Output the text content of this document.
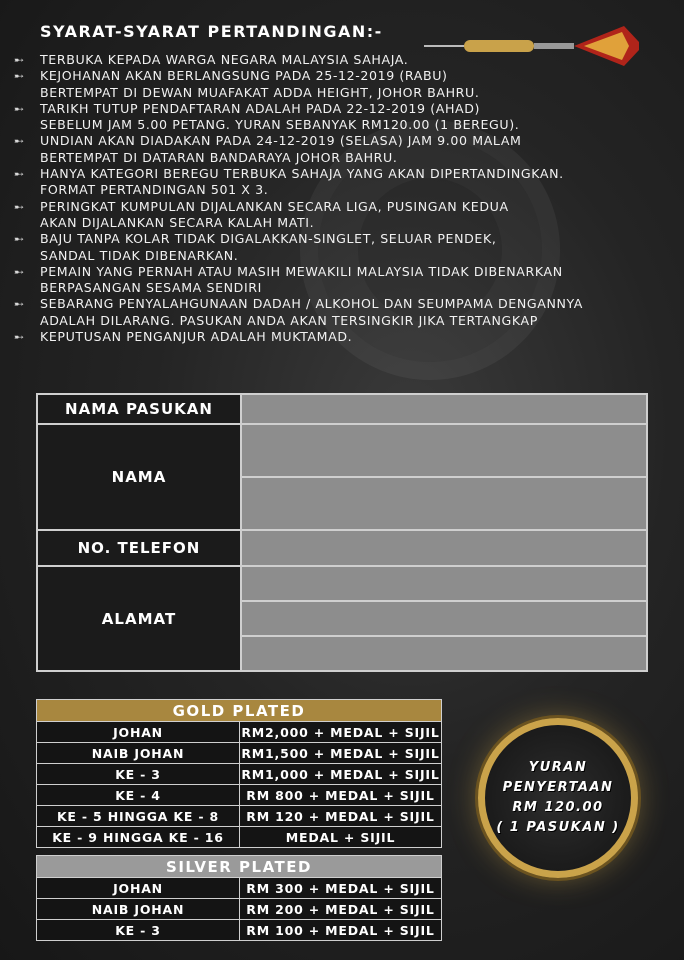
SYARAT-SYARAT PERTANDINGAN:-
➸	TERBUKA KEPADA WARGA NEGARA MALAYSIA SAHAJA.
➸	KEJOHANAN AKAN BERLANGSUNG PADA 25-12-2019 (RABU)
BERTEMPAT DI DEWAN MUAFAKAT ADDA HEIGHT, JOHOR BAHRU.
➸	TARIKH TUTUP PENDAFTARAN ADALAH PADA 22-12-2019 (AHAD)
SEBELUM JAM 5.00 PETANG. YURAN SEBANYAK RM120.00 (1 BEREGU).
➸	UNDIAN AKAN DIADAKAN PADA 24-12-2019 (SELASA) JAM 9.00 MALAM
BERTEMPAT DI DATARAN BANDARAYA JOHOR BAHRU.
➸	HANYA KATEGORI BEREGU TERBUKA SAHAJA YANG AKAN DIPERTANDINGKAN.
FORMAT PERTANDINGAN 501 X 3.
➸	PERINGKAT KUMPULAN DIJALANKAN SECARA LIGA, PUSINGAN KEDUA
AKAN DIJALANKAN SECARA KALAH MATI.
➸	BAJU TANPA KOLAR TIDAK DIGALAKKAN-SINGLET, SELUAR PENDEK,
SANDAL TIDAK DIBENARKAN.
➸	PEMAIN YANG PERNAH ATAU MASIH MEWAKILI MALAYSIA TIDAK DIBENARKAN
BERPASANGAN SESAMA SENDIRI
➸	SEBARANG PENYALAHGUNAAN DADAH / ALKOHOL DAN SEUMPAMA DENGANNYA
ADALAH DILARANG. PASUKAN ANDA AKAN TERSINGKIR JIKA TERTANGKAP
➸	KEPUTUSAN PENGANJUR ADALAH MUKTAMAD.
NAMA PASUKAN	
NAMA	

NO. TELEFON	
ALAMAT	

GOLD PLATED	
JOHAN	RM2,000 + MEDAL + SIJIL
NAIB JOHAN	RM1,500 + MEDAL + SIJIL
KE - 3	RM1,000 + MEDAL + SIJIL
KE - 4	RM 800 + MEDAL + SIJIL
KE - 5 HINGGA KE - 8	RM 120 + MEDAL + SIJIL
KE - 9 HINGGA KE - 16	MEDAL + SIJIL
SILVER PLATED	
JOHAN	RM 300 + MEDAL + SIJIL
NAIB JOHAN	RM 200 + MEDAL + SIJIL
KE - 3	RM 100 + MEDAL + SIJIL
YURAN
PENYERTAAN
RM 120.00
( 1 PASUKAN )
